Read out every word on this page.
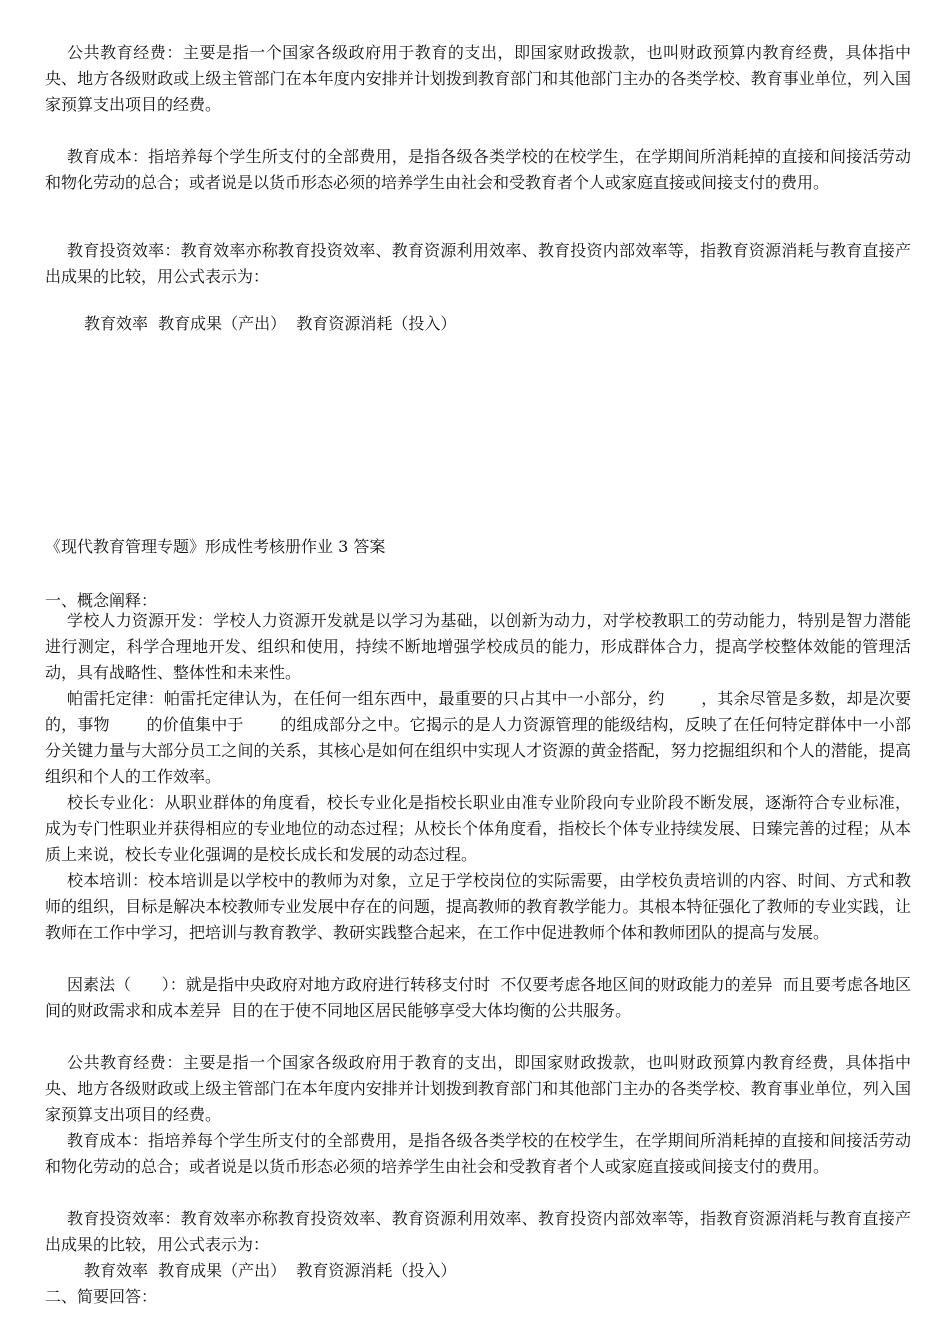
公共教育经费：主要是指一个国家各级政府用于教育的支出，即国家财政拨款，也叫财政预算内教育经费，具体指中央、地方各级财政或上级主管部门在本年度内安排并计划拨到教育部门和其他部门主办的各类学校、教育事业单位，列入国家预算支出项目的经费。

教育成本：指培养每个学生所支付的全部费用，是指各级各类学校的在校学生，在学期间所消耗掉的直接和间接活劳动和物化劳动的总合；或者说是以货币形态必须的培养学生由社会和受教育者个人或家庭直接或间接支付的费用。

教育投资效率：教育效率亦称教育投资效率、教育资源利用效率、教育投资内部效率等，指教育资源消耗与教育直接产出成果的比较，用公式表示为：

教育效率  教育成果（产出）  教育资源消耗（投入）

《现代教育管理专题》形成性考核册作业 3 答案

一、概念阐释：

学校人力资源开发：学校人力资源开发就是以学习为基础，以创新为动力，对学校教职工的劳动能力，特别是智力潜能进行测定，科学合理地开发、组织和使用，持续不断地增强学校成员的能力，形成群体合力，提高学校整体效能的管理活动，具有战略性、整体性和未来性。

帕雷托定律：帕雷托定律认为，在任何一组东西中，最重要的只占其中一小部分，约       ，其余尽管是多数，却是次要的，事物       的价值集中于       的组成部分之中。它揭示的是人力资源管理的能级结构，反映了在任何特定群体中一小部分关键力量与大部分员工之间的关系，其核心是如何在组织中实现人才资源的黄金搭配，努力挖掘组织和个人的潜能，提高组织和个人的工作效率。

校长专业化：从职业群体的角度看，校长专业化是指校长职业由准专业阶段向专业阶段不断发展，逐渐符合专业标准，成为专门性职业并获得相应的专业地位的动态过程；从校长个体角度看，指校长个体专业持续发展、日臻完善的过程；从本质上来说，校长专业化强调的是校长成长和发展的动态过程。

校本培训：校本培训是以学校中的教师为对象，立足于学校岗位的实际需要，由学校负责培训的内容、时间、方式和教师的组织，目标是解决本校教师专业发展中存在的问题，提高教师的教育教学能力。其根本特征强化了教师的专业实践，让教师在工作中学习，把培训与教育教学、教研实践整合起来，在工作中促进教师个体和教师团队的提高与发展。

因素法（      ）：就是指中央政府对地方政府进行转移支付时  不仅要考虑各地区间的财政能力的差异  而且要考虑各地区间的财政需求和成本差异  目的在于使不同地区居民能够享受大体均衡的公共服务。

公共教育经费：主要是指一个国家各级政府用于教育的支出，即国家财政拨款，也叫财政预算内教育经费，具体指中央、地方各级财政或上级主管部门在本年度内安排并计划拨到教育部门和其他部门主办的各类学校、教育事业单位，列入国家预算支出项目的经费。

教育成本：指培养每个学生所支付的全部费用，是指各级各类学校的在校学生，在学期间所消耗掉的直接和间接活劳动和物化劳动的总合；或者说是以货币形态必须的培养学生由社会和受教育者个人或家庭直接或间接支付的费用。

教育投资效率：教育效率亦称教育投资效率、教育资源利用效率、教育投资内部效率等，指教育资源消耗与教育直接产出成果的比较，用公式表示为：

教育效率  教育成果（产出）  教育资源消耗（投入）

二、简要回答：
